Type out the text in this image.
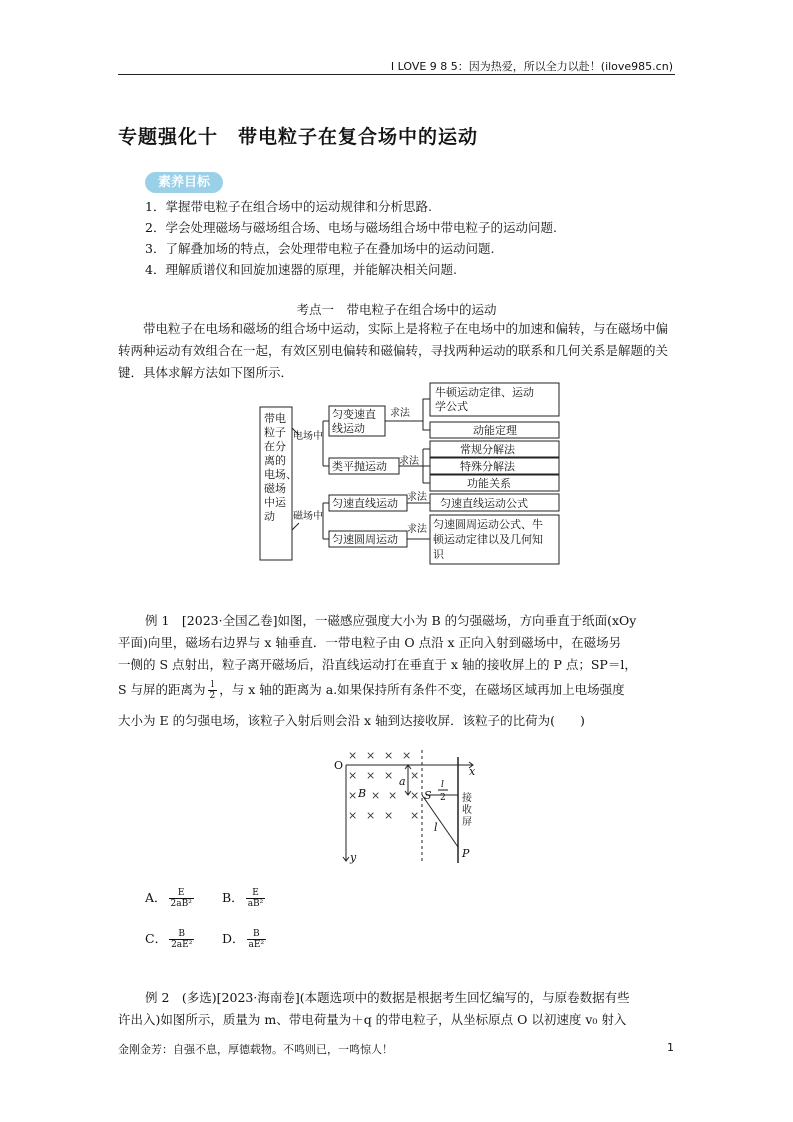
I LOVE 9 8 5：因为热爱，所以全力以赴！(ilove985.cn)
专题强化十　带电粒子在复合场中的运动
素养目标
1．掌握带电粒子在组合场中的运动规律和分析思路.
2．学会处理磁场与磁场组合场、电场与磁场组合场中带电粒子的运动问题.
3．了解叠加场的特点，会处理带电粒子在叠加场中的运动问题.
4．理解质谱仪和回旋加速器的原理，并能解决相关问题.
考点一　带电粒子在组合场中的运动

带电粒子在电场和磁场的组合场中运动，实际上是将粒子在电场中的加速和偏转，与在磁场中偏转两种运动有效组合在一起，有效区别电偏转和磁偏转，寻找两种运动的联系和几何关系是解题的关键．具体求解方法如下图所示．

带电
粒子
在分
离的
电场、
磁场
中运
动
电场中
磁场中
匀变速直
线运动
类平抛运动
匀速直线运动
匀速圆周运动
求法
求法
求法
求法
牛顿运动定律、运动
学公式
动能定理
常规分解法
特殊分解法
功能关系
匀速直线运动公式
匀速圆周运动公式、牛
顿运动定律以及几何知
识
例 1　[2023·全国乙卷]如图，一磁感应强度大小为 B 的匀强磁场，方向垂直于纸面(xOy
平面)向里，磁场右边界与 x 轴垂直．一带电粒子由 O 点沿 x 正向入射到磁场中，在磁场另
一侧的 S 点射出，粒子离开磁场后，沿直线运动打在垂直于 x 轴的接收屏上的 P 点；SP＝l，
S 与屏的距离为 $\frac{l}{2}$ ，与 x 轴的距离为 a.如果保持所有条件不变，在磁场区域再加上电场强度
大小为 E 的匀强电场，该粒子入射后则会沿 x 轴到达接收屏．该粒子的比荷为(　　)
O	x
y
B
a
S
l
2
l
P
接
收
屏
× × × ×
× × × ×
× × × ×
× × × ×
A． $\frac{E}{\text{2aB²}}$ B． $\frac{E}{\text{aB²}}$
C． $\frac{B}{\text{2aE²}}$ D． $\frac{B}{\text{aE²}}$
例 2　(多选)[2023·海南卷](本题选项中的数据是根据考生回忆编写的，与原卷数据有些
许出入)如图所示，质量为 m、带电荷量为＋q 的带电粒子，从坐标原点 O 以初速度 v₀ 射入
金刚金芳：自强不息，厚德载物。不鸣则已，一鸣惊人！	1
